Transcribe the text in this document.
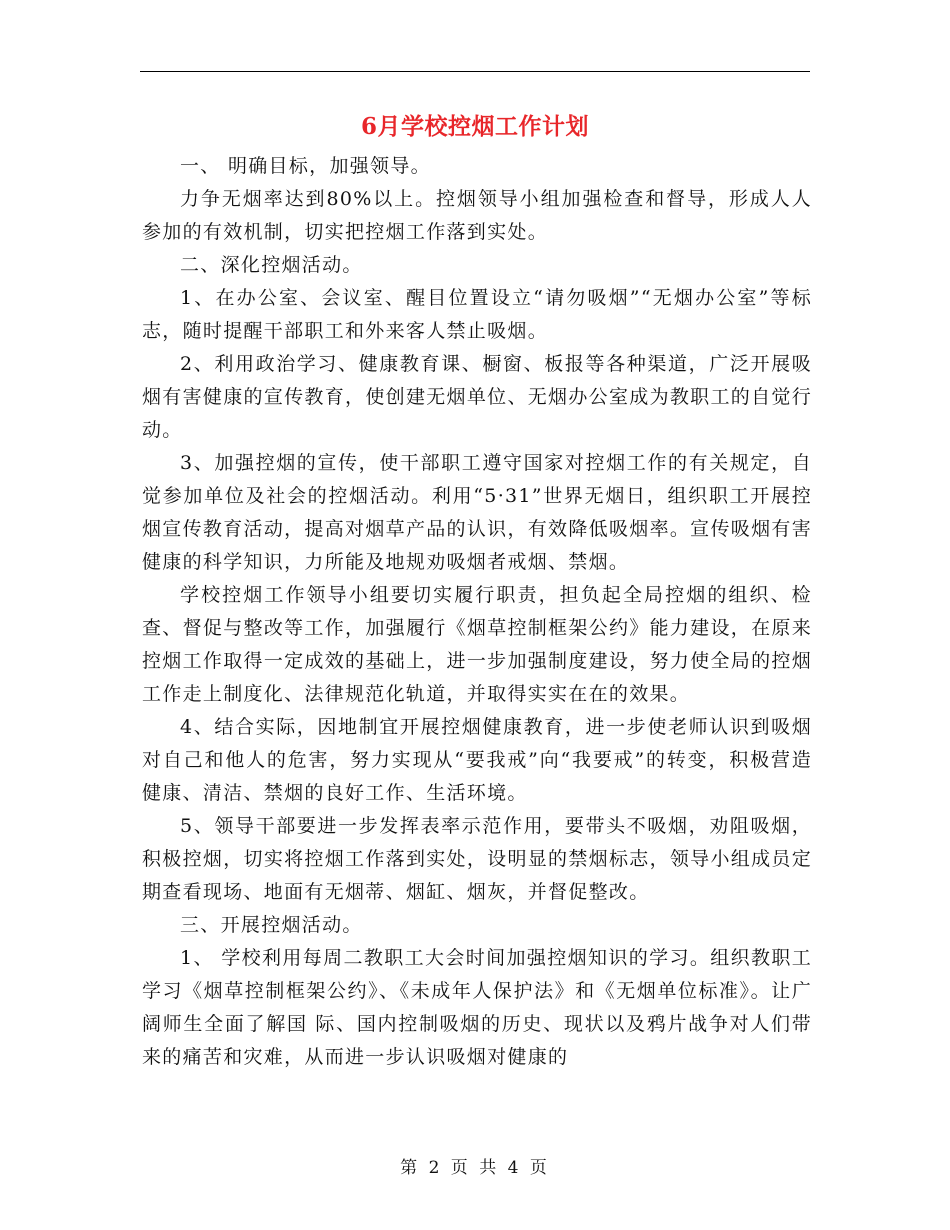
6月学校控烟工作计划

一、 明确目标，加强领导。

力争无烟率达到80%以上。控烟领导小组加强检查和督导，形成人人参加的有效机制，切实把控烟工作落到实处。

二、深化控烟活动。

1、在办公室、会议室、醒目位置设立“请勿吸烟”“无烟办公室”等标志，随时提醒干部职工和外来客人禁止吸烟。

2、利用政治学习、健康教育课、橱窗、板报等各种渠道，广泛开展吸烟有害健康的宣传教育，使创建无烟单位、无烟办公室成为教职工的自觉行动。

3、加强控烟的宣传，使干部职工遵守国家对控烟工作的有关规定，自觉参加单位及社会的控烟活动。利用“5·31”世界无烟日，组织职工开展控烟宣传教育活动，提高对烟草产品的认识，有效降低吸烟率。宣传吸烟有害健康的科学知识，力所能及地规劝吸烟者戒烟、禁烟。

学校控烟工作领导小组要切实履行职责，担负起全局控烟的组织、检查、督促与整改等工作，加强履行《烟草控制框架公约》能力建设，在原来控烟工作取得一定成效的基础上，进一步加强制度建设，努力使全局的控烟工作走上制度化、法律规范化轨道，并取得实实在在的效果。

4、结合实际，因地制宜开展控烟健康教育，进一步使老师认识到吸烟对自己和他人的危害，努力实现从“要我戒”向“我要戒”的转变，积极营造健康、清洁、禁烟的良好工作、生活环境。

5、领导干部要进一步发挥表率示范作用，要带头不吸烟，劝阻吸烟，积极控烟，切实将控烟工作落到实处，设明显的禁烟标志，领导小组成员定期查看现场、地面有无烟蒂、烟缸、烟灰，并督促整改。

三、开展控烟活动。

1、 学校利用每周二教职工大会时间加强控烟知识的学习。组织教职工学习《烟草控制框架公约》、《未成年人保护法》和《无烟单位标准》。让广阔师生全面了解国 际、国内控制吸烟的历史、现状以及鸦片战争对人们带来的痛苦和灾难，从而进一步认识吸烟对健康的

第 2 页 共 4 页
